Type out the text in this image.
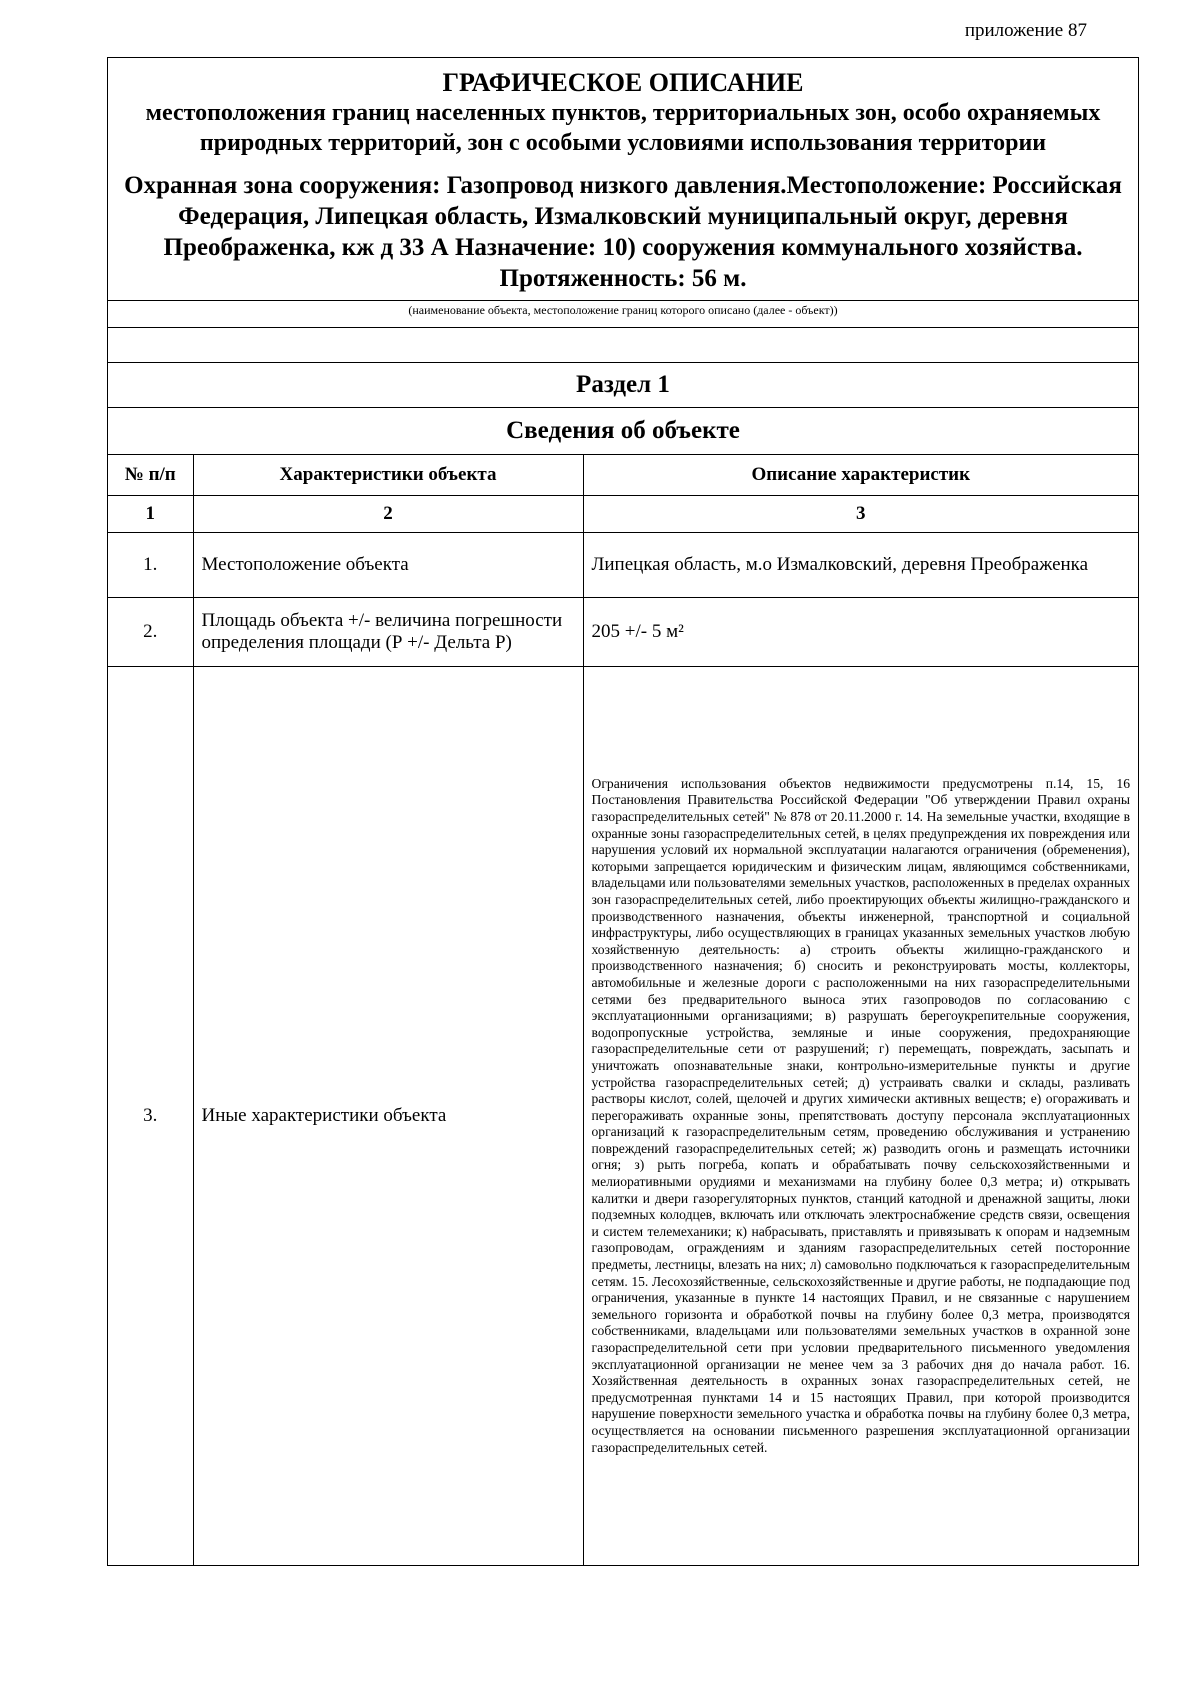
приложение 87
ГРАФИЧЕСКОЕ ОПИСАНИЕ
местоположения границ населенных пунктов, территориальных зон, особо охраняемых природных территорий, зон с особыми условиями использования территории
Охранная зона сооружения: Газопровод низкого давления.Местоположение: Российская Федерация, Липецкая область, Измалковский муниципальный округ, деревня Преображенка, кж д 33 А Назначение: 10) сооружения коммунального хозяйства. Протяженность: 56 м.
(наименование объекта, местоположение границ которого описано (далее - объект))
Раздел 1
Сведения об объекте
№ п/п	Характеристики объекта	Описание характеристик
1	2	3
1.	Местоположение объекта	Липецкая область, м.о Измалковский, деревня Преображенка
2.	Площадь объекта +/- величина погрешности определения площади (Р +/- Дельта Р)	205 +/- 5 м²
3.	Иные характеристики объекта	Ограничения использования объектов недвижимости предусмотрены п.14, 15, 16 Постановления Правительства Российской Федерации "Об утверждении Правил охраны газораспределительных сетей" № 878 от 20.11.2000 г. 14. На земельные участки, входящие в охранные зоны газораспределительных сетей, в целях предупреждения их повреждения или нарушения условий их нормальной эксплуатации налагаются ограничения (обременения), которыми запрещается юридическим и физическим лицам, являющимся собственниками, владельцами или пользователями земельных участков, расположенных в пределах охранных зон газораспределительных сетей, либо проектирующих объекты жилищно-гражданского и производственного назначения, объекты инженерной, транспортной и социальной инфраструктуры, либо осуществляющих в границах указанных земельных участков любую хозяйственную деятельность: а) строить объекты жилищно-гражданского и производственного назначения; б) сносить и реконструировать мосты, коллекторы, автомобильные и железные дороги с расположенными на них газораспределительными сетями без предварительного выноса этих газопроводов по согласованию с эксплуатационными организациями; в) разрушать берегоукрепительные сооружения, водопропускные устройства, земляные и иные сооружения, предохраняющие газораспределительные сети от разрушений; г) перемещать, повреждать, засыпать и уничтожать опознавательные знаки, контрольно-измерительные пункты и другие устройства газораспределительных сетей; д) устраивать свалки и склады, разливать растворы кислот, солей, щелочей и других химически активных веществ; е) огораживать и перегораживать охранные зоны, препятствовать доступу персонала эксплуатационных организаций к газораспределительным сетям, проведению обслуживания и устранению повреждений газораспределительных сетей; ж) разводить огонь и размещать источники огня; з) рыть погреба, копать и обрабатывать почву сельскохозяйственными и мелиоративными орудиями и механизмами на глубину более 0,3 метра; и) открывать калитки и двери газорегуляторных пунктов, станций катодной и дренажной защиты, люки подземных колодцев, включать или отключать электроснабжение средств связи, освещения и систем телемеханики; к) набрасывать, приставлять и привязывать к опорам и надземным газопроводам, ограждениям и зданиям газораспределительных сетей посторонние предметы, лестницы, влезать на них; л) самовольно подключаться к газораспределительным сетям. 15. Лесохозяйственные, сельскохозяйственные и другие работы, не подпадающие под ограничения, указанные в пункте 14 настоящих Правил, и не связанные с нарушением земельного горизонта и обработкой почвы на глубину более 0,3 метра, производятся собственниками, владельцами или пользователями земельных участков в охранной зоне газораспределительной сети при условии предварительного письменного уведомления эксплуатационной организации не менее чем за 3 рабочих дня до начала работ. 16. Хозяйственная деятельность в охранных зонах газораспределительных сетей, не предусмотренная пунктами 14 и 15 настоящих Правил, при которой производится нарушение поверхности земельного участка и обработка почвы на глубину более 0,3 метра, осуществляется на основании письменного разрешения эксплуатационной организации газораспределительных сетей.
